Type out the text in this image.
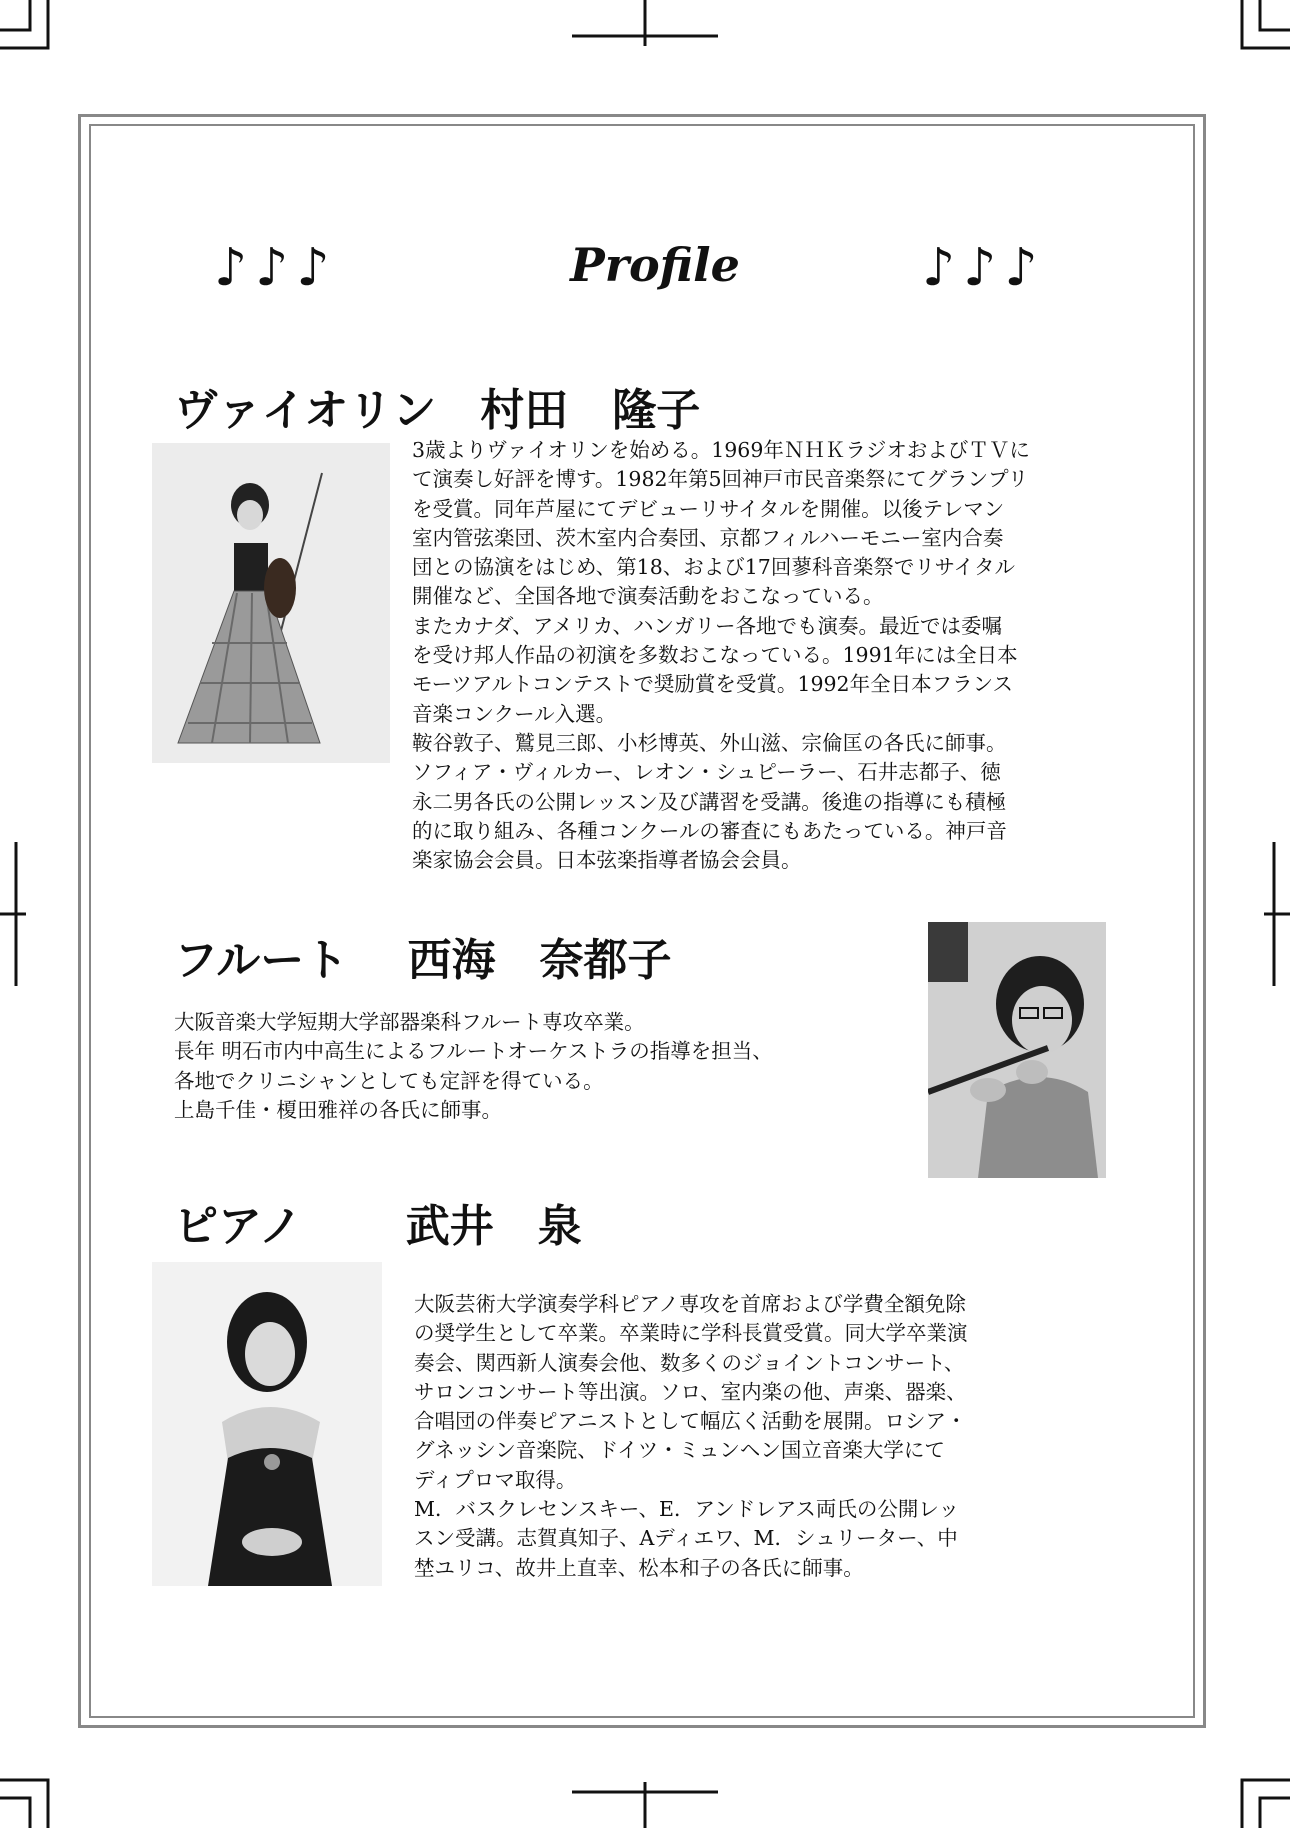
♪♪♪	Profile	♪♪♪
ヴァイオリン　村田　隆子
3歳よりヴァイオリンを始める。1969年ＮＨＫラジオおよびＴＶに
て演奏し好評を博す。1982年第5回神戸市民音楽祭にてグランプリ
を受賞。同年芦屋にてデビューリサイタルを開催。以後テレマン
室内管弦楽団、茨木室内合奏団、京都フィルハーモニー室内合奏
団との協演をはじめ、第18、および17回蓼科音楽祭でリサイタル
開催など、全国各地で演奏活動をおこなっている。
またカナダ、アメリカ、ハンガリー各地でも演奏。最近では委嘱
を受け邦人作品の初演を多数おこなっている。1991年には全日本
モーツアルトコンテストで奨励賞を受賞。1992年全日本フランス
音楽コンクール入選。
鞍谷敦子、鷲見三郎、小杉博英、外山滋、宗倫匡の各氏に師事。
ソフィア・ヴィルカー、レオン・シュピーラー、石井志都子、徳
永二男各氏の公開レッスン及び講習を受講。後進の指導にも積極
的に取り組み、各種コンクールの審査にもあたっている。神戸音
楽家協会会員。日本弦楽指導者協会会員。
フルート　 西海　奈都子
大阪音楽大学短期大学部器楽科フルート専攻卒業。
長年 明石市内中高生によるフルートオーケストラの指導を担当、
各地でクリニシャンとしても定評を得ている。
上島千佳・榎田雅祥の各氏に師事。
ピアノ　　 武井　泉
大阪芸術大学演奏学科ピアノ専攻を首席および学費全額免除
の奨学生として卒業。卒業時に学科長賞受賞。同大学卒業演
奏会、関西新人演奏会他、数多くのジョイントコンサート、
サロンコンサート等出演。ソロ、室内楽の他、声楽、器楽、
合唱団の伴奏ピアニストとして幅広く活動を展開。ロシア・
グネッシン音楽院、ドイツ・ミュンヘン国立音楽大学にて
ディプロマ取得。
M．バスクレセンスキー、E．アンドレアス両氏の公開レッ
スン受講。志賀真知子、Aディエワ、M．シュリーター、中
埜ユリコ、故井上直幸、松本和子の各氏に師事。
